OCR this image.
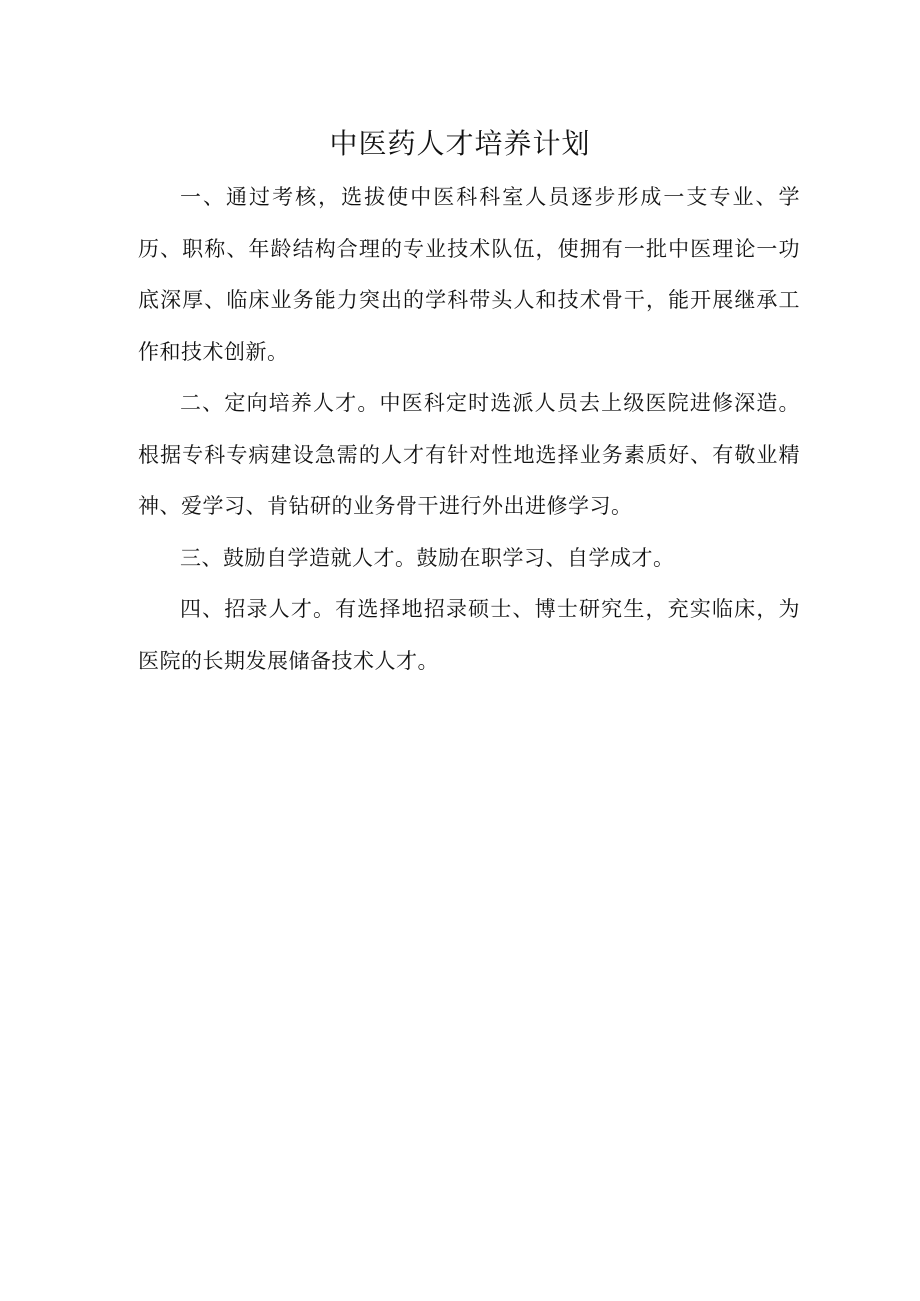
中医药人才培养计划

一、通过考核，选拔使中医科科室人员逐步形成一支专业、学历、职称、年龄结构合理的专业技术队伍，使拥有一批中医理论一功底深厚、临床业务能力突出的学科带头人和技术骨干，能开展继承工作和技术创新。

二、定向培养人才。中医科定时选派人员去上级医院进修深造。根据专科专病建设急需的人才有针对性地选择业务素质好、有敬业精神、爱学习、肯钻研的业务骨干进行外出进修学习。

三、鼓励自学造就人才。鼓励在职学习、自学成才。

四、招录人才。有选择地招录硕士、博士研究生，充实临床，为医院的长期发展储备技术人才。
